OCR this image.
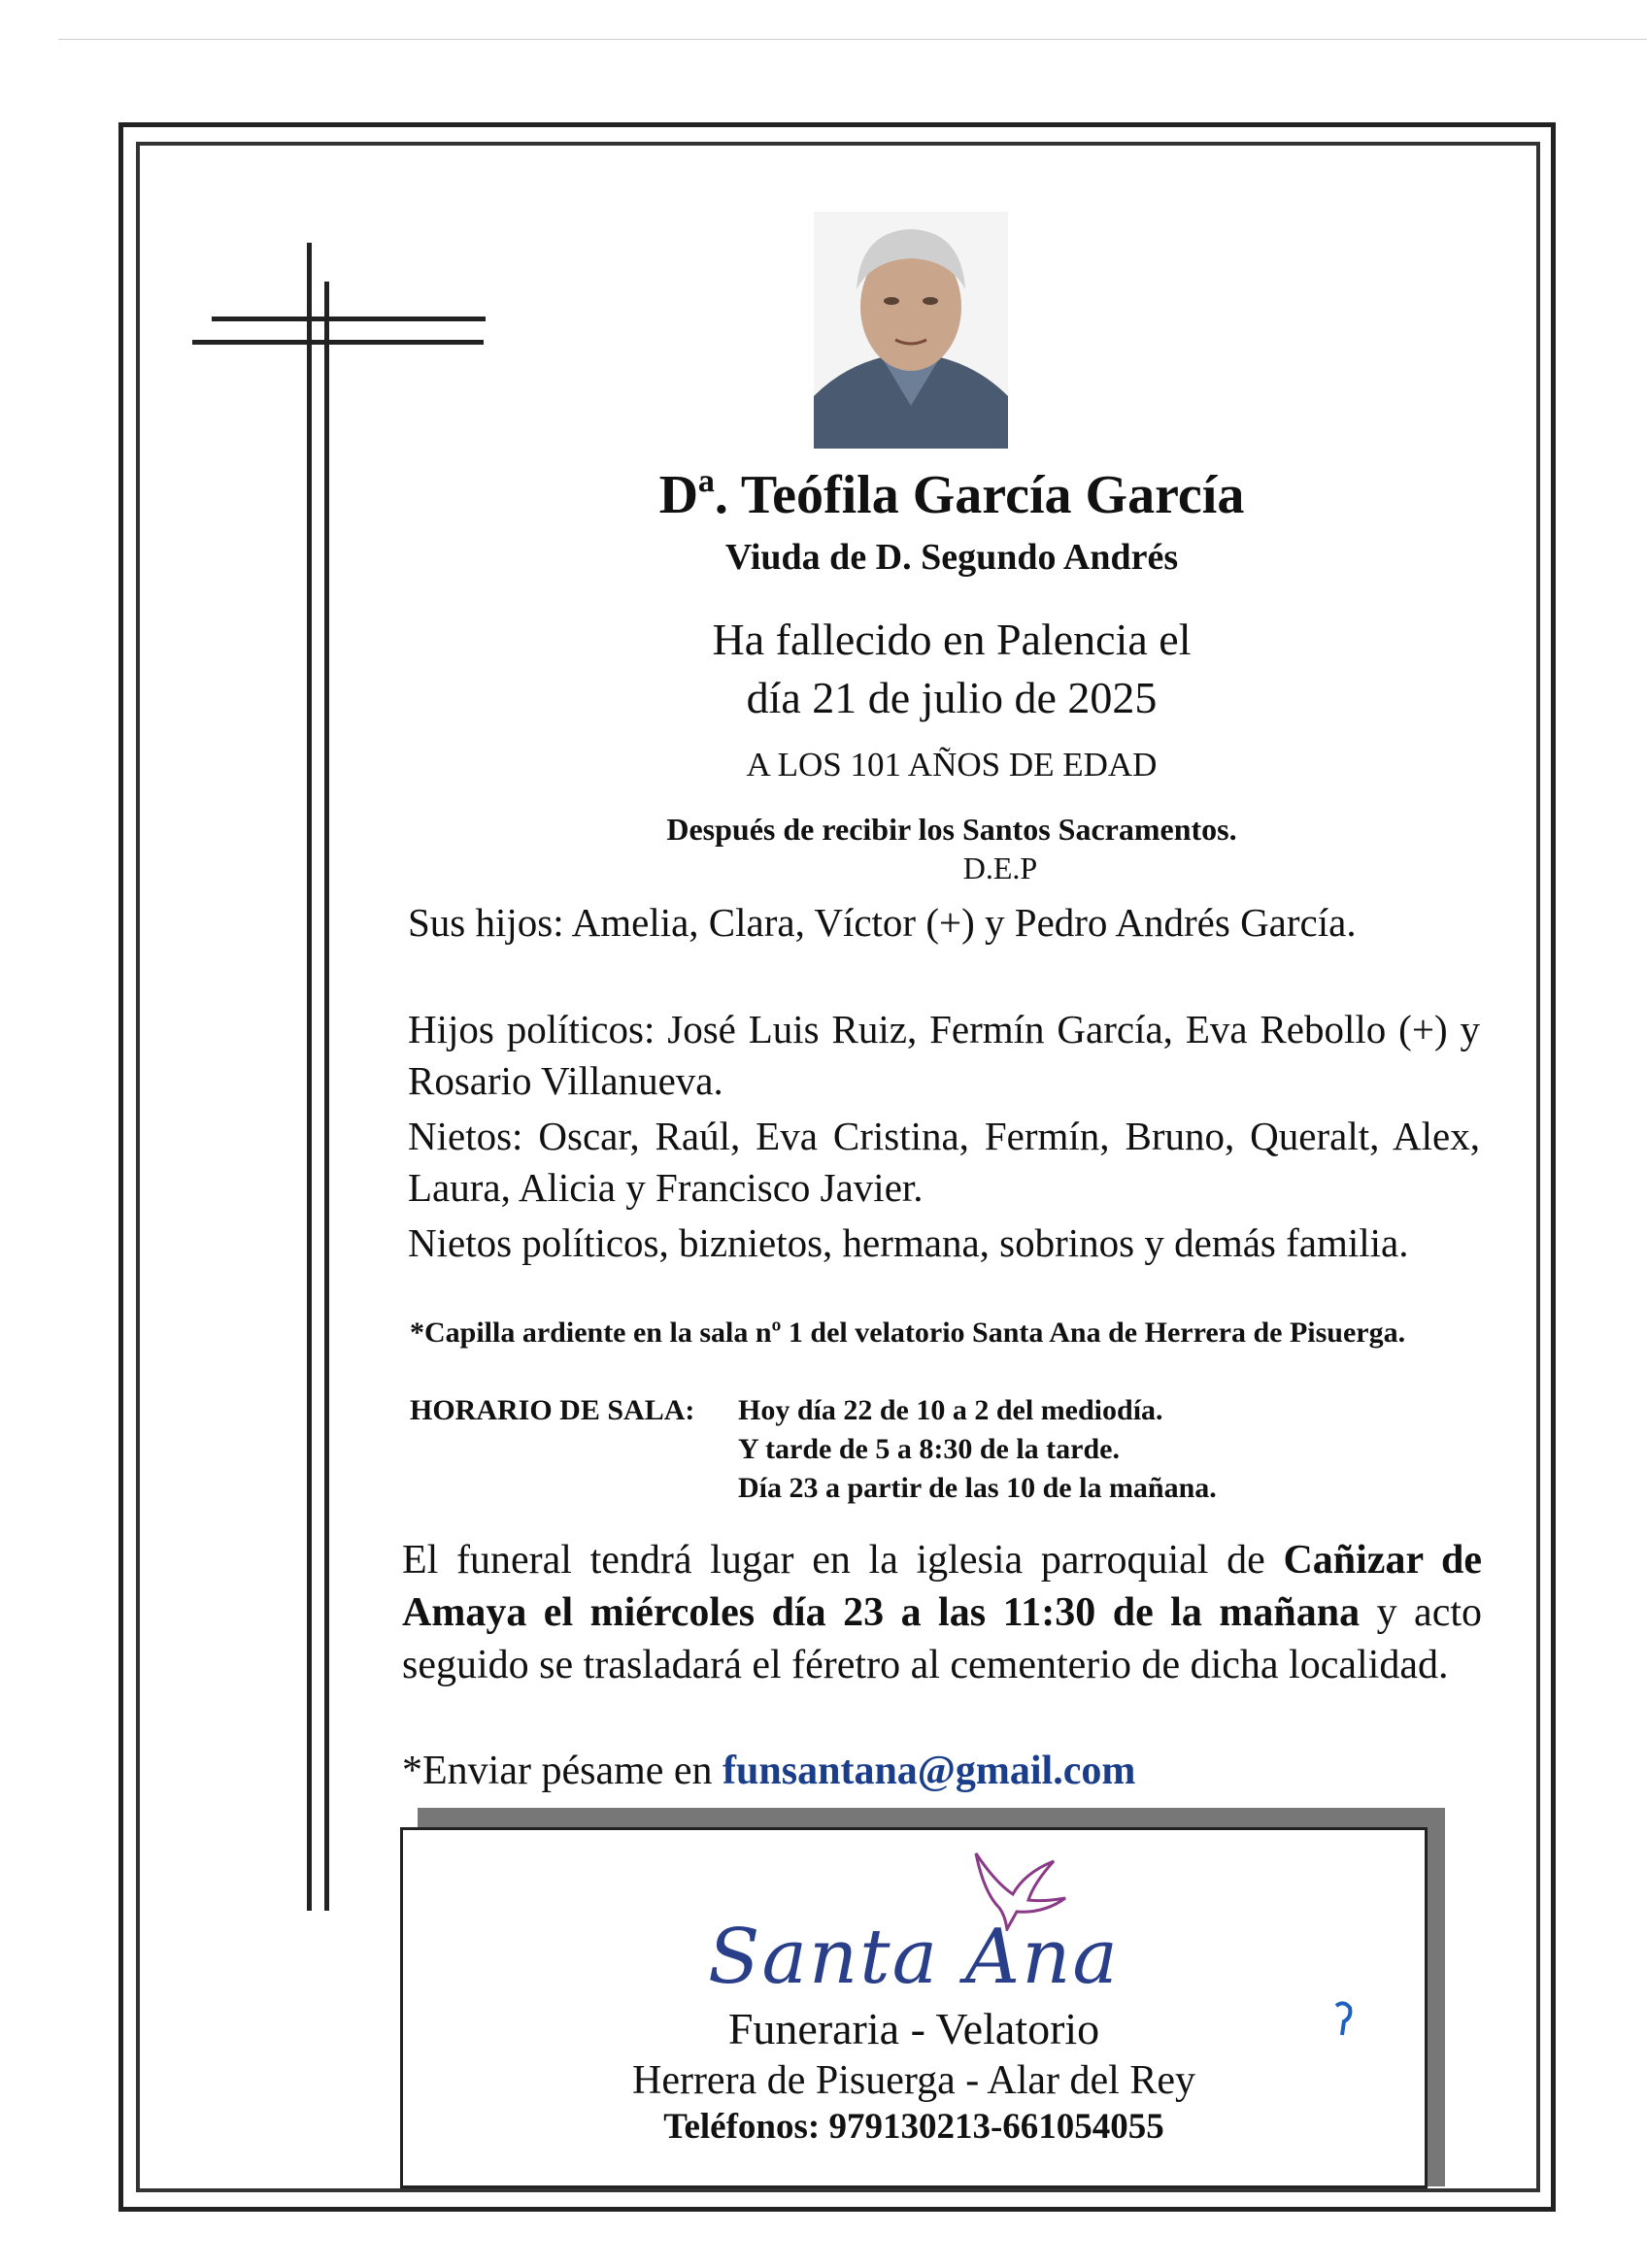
Dª. Teófila García García
Viuda de D. Segundo Andrés
Ha fallecido en Palencia el
día 21 de julio de 2025
A LOS 101 AÑOS DE EDAD
Después de recibir los Santos Sacramentos.
D.E.P
Sus hijos: Amelia, Clara, Víctor (+) y Pedro Andrés García.
Hijos políticos: José Luis Ruiz, Fermín García, Eva Rebollo (+) y Rosario Villanueva.
Nietos: Oscar, Raúl, Eva Cristina, Fermín, Bruno, Queralt, Alex, Laura, Alicia y Francisco Javier.
Nietos políticos, biznietos, hermana, sobrinos y demás familia.
*Capilla ardiente en la sala nº 1 del velatorio Santa Ana de Herrera de Pisuerga.
HORARIO DE SALA: Hoy día 22 de 10 a 2 del mediodía.
Y tarde de 5 a 8:30 de la tarde.
Día 23 a partir de las 10 de la mañana.
El funeral tendrá lugar en la iglesia parroquial de Cañizar de Amaya el miércoles día 23 a las 11:30 de la mañana y acto seguido se trasladará el féretro al cementerio de dicha localidad.
*Enviar pésame en funsantana@gmail.com
Santa Ana
Funeraria - Velatorio
Herrera de Pisuerga - Alar del Rey
Teléfonos: 979130213-661054055
